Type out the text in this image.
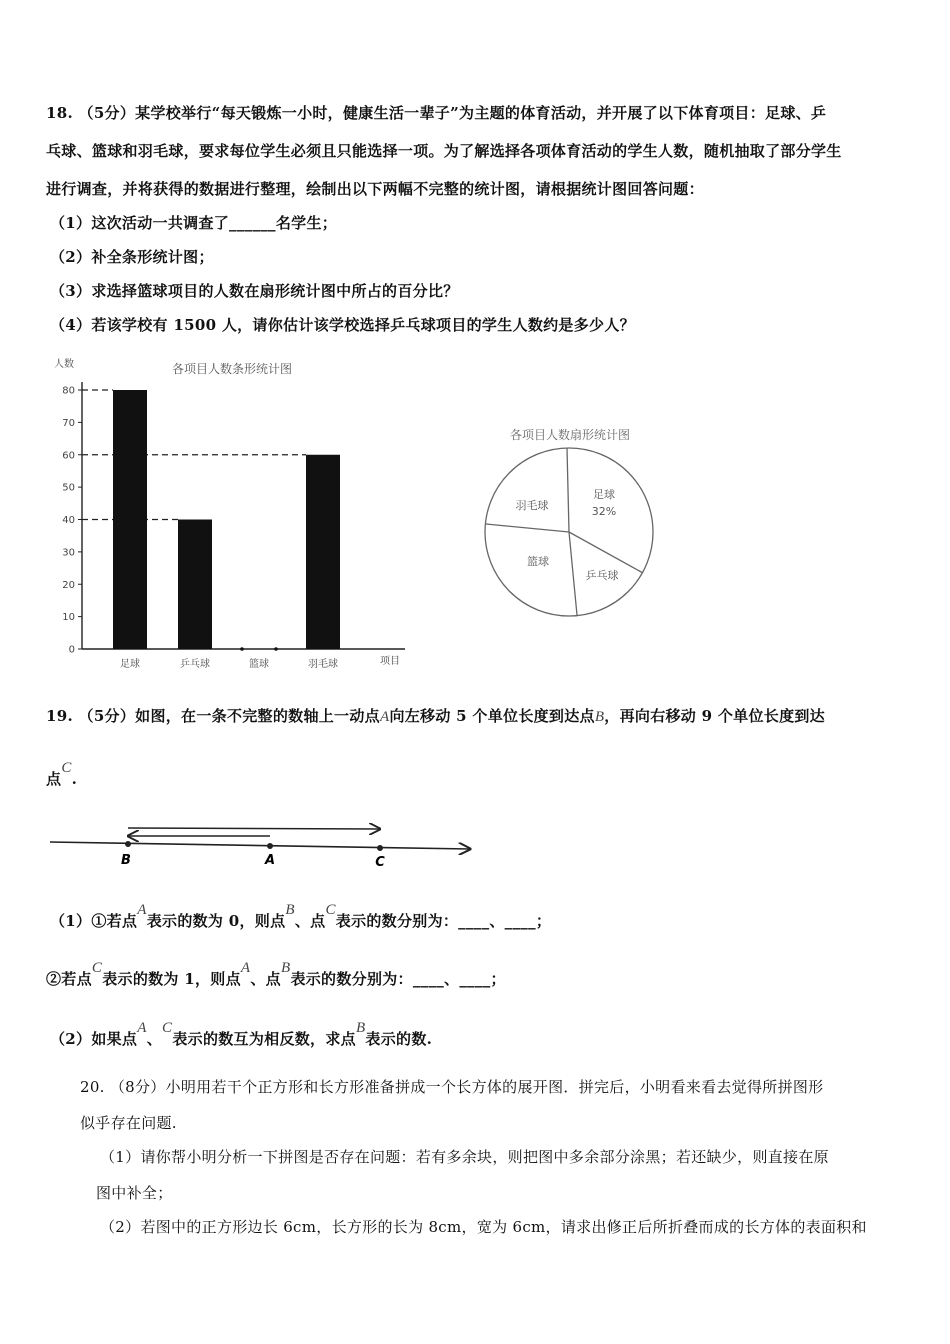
18. （5分）某学校举行“每天锻炼一小时，健康生活一辈子”为主题的体育活动，并开展了以下体育项目：足球、乒
乓球、篮球和羽毛球，要求每位学生必须且只能选择一项。为了解选择各项体育活动的学生人数，随机抽取了部分学生
进行调查，并将获得的数据进行整理，绘制出以下两幅不完整的统计图，请根据统计图回答问题：
（1）这次活动一共调查了______名学生；
（2）补全条形统计图；
（3）求选择篮球项目的人数在扇形统计图中所占的百分比？
（4）若该学校有 1500 人，请你估计该学校选择乒乓球项目的学生人数约是多少人？
各项目人数条形统计图
人数
项目
0
10
20
30
40
50
60
70
80
足球	乒乓球	篮球	羽毛球
各项目人数扇形统计图
足球
32%
乒乓球
篮球
羽毛球
19. （5分）如图，在一条不完整的数轴上一动点A向左移动 5 个单位长度到达点B，再向右移动 9 个单位长度到达
点C.
B	A	C
（1）①若点A表示的数为 0，则点B、点C表示的数分别为：____、____；
②若点C表示的数为 1，则点A、点B表示的数分别为：____、____；
（2）如果点A、C表示的数互为相反数，求点B表示的数.
20. （8分）小明用若干个正方形和长方形准备拼成一个长方体的展开图．拼完后，小明看来看去觉得所拼图形
似乎存在问题.
（1）请你帮小明分析一下拼图是否存在问题：若有多余块，则把图中多余部分涂黑；若还缺少，则直接在原
图中补全；
（2）若图中的正方形边长 6cm，长方形的长为 8cm，宽为 6cm，请求出修正后所折叠而成的长方体的表面积和
